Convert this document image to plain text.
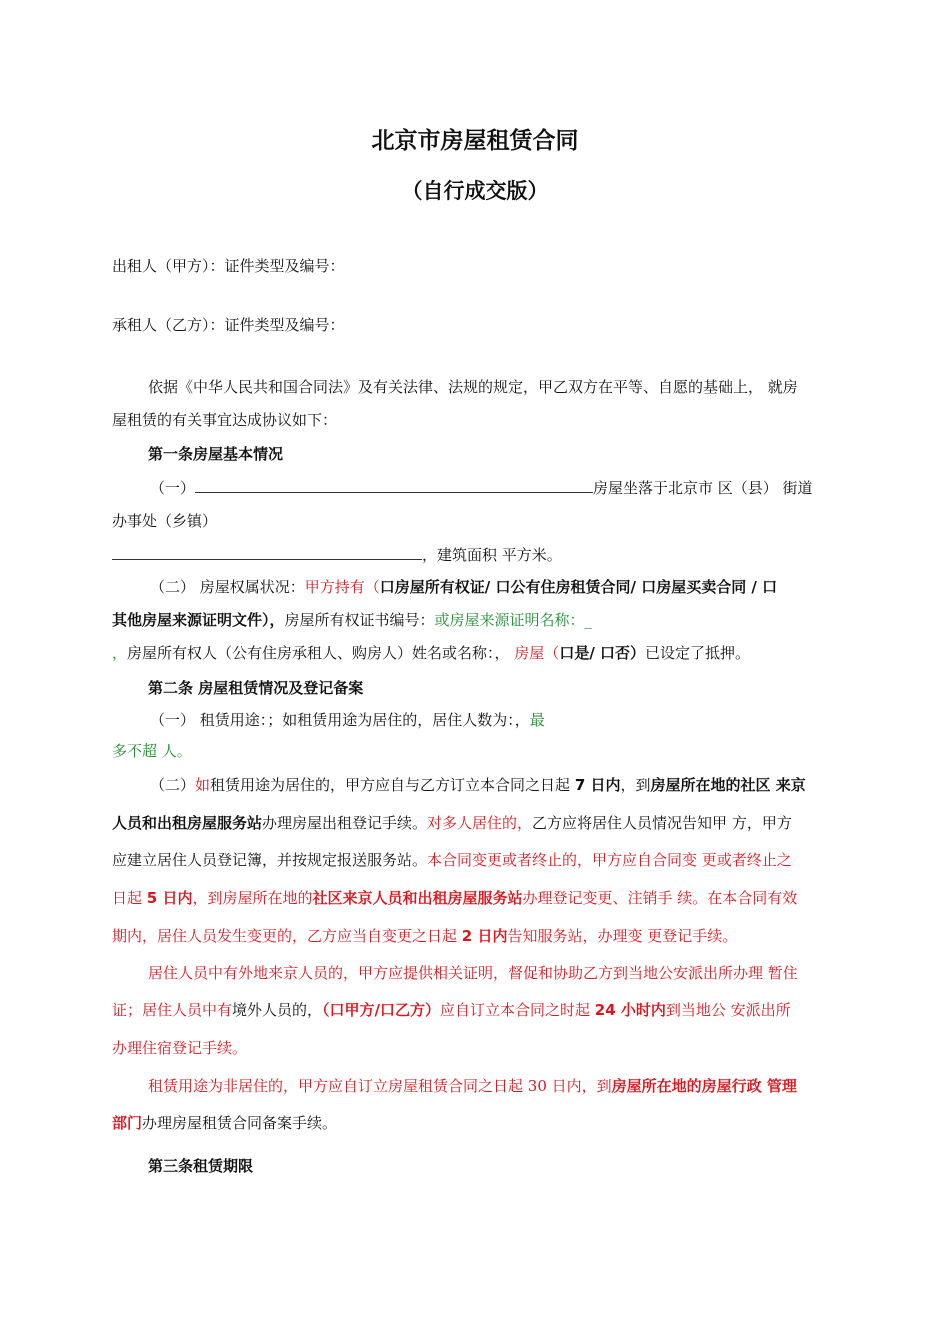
北京市房屋租赁合同
（自行成交版）
出租人（甲方）：证件类型及编号：
承租人（乙方）：证件类型及编号：
依据《中华人民共和国合同法》及有关法律、法规的规定，甲乙双方在平等、自愿的基础上， 就房
屋租赁的有关事宜达成协议如下：
第一条房屋基本情况
（一）	房屋坐落于北京市 区（县） 街道
办事处（乡镇）
，建筑面积 平方米。
（二） 房屋权属状况：甲方持有（口房屋所有权证/ 口公有住房租赁合同/ 口房屋买卖合同 / 口
其他房屋来源证明文件），房屋所有权证书编号：或房屋来源证明名称：_
，房屋所有权人（公有住房承租人、购房人）姓名或名称：， 房屋（口是/ 口否）已设定了抵押。
第二条 房屋租赁情况及登记备案
（一） 租赁用途：；如租赁用途为居住的，居住人数为：，最
多不超 人。
（二）如租赁用途为居住的，甲方应自与乙方订立本合同之日起 7 日内，到房屋所在地的社区 来京
人员和出租房屋服务站办理房屋出租登记手续。对多人居住的，乙方应将居住人员情况告知甲 方，甲方
应建立居住人员登记簿，并按规定报送服务站。本合同变更或者终止的，甲方应自合同变 更或者终止之
日起 5 日内，到房屋所在地的社区来京人员和出租房屋服务站办理登记变更、注销手 续。在本合同有效
期内，居住人员发生变更的，乙方应当自变更之日起 2 日内告知服务站，办理变 更登记手续。
居住人员中有外地来京人员的，甲方应提供相关证明，督促和协助乙方到当地公安派出所办理 暂住
证；居住人员中有境外人员的，（口甲方/口乙方）应自订立本合同之时起 24 小时内到当地公 安派出所
办理住宿登记手续。
租赁用途为非居住的，甲方应自订立房屋租赁合同之日起 30 日内，到房屋所在地的房屋行政 管理
部门办理房屋租赁合同备案手续。
第三条租赁期限
